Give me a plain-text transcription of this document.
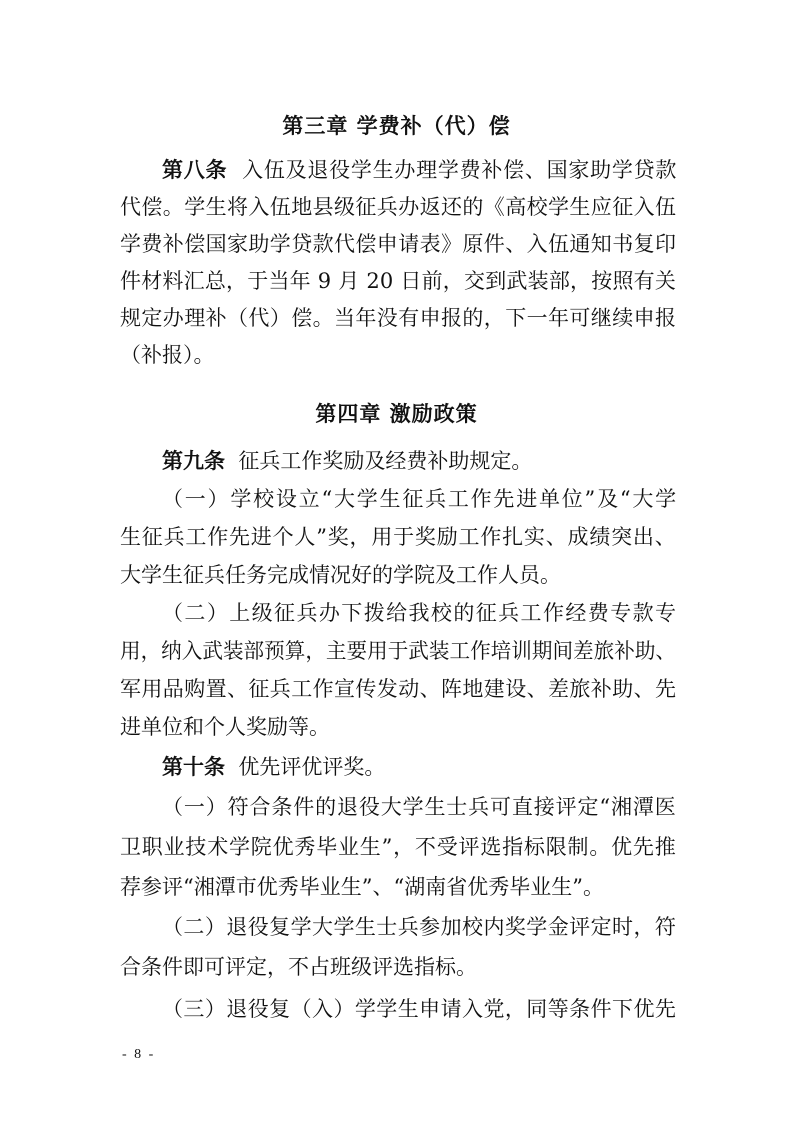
第三章 学费补（代）偿
第八条 入伍及退役学生办理学费补偿、国家助学贷款
代偿。学生将入伍地县级征兵办返还的《高校学生应征入伍
学费补偿国家助学贷款代偿申请表》原件、入伍通知书复印
件材料汇总，于当年 9 月 20 日前，交到武装部，按照有关
规定办理补（代）偿。当年没有申报的，下一年可继续申报
（补报）。
第四章 激励政策
第九条 征兵工作奖励及经费补助规定。
（一）学校设立“大学生征兵工作先进单位”及“大学
生征兵工作先进个人”奖，用于奖励工作扎实、成绩突出、
大学生征兵任务完成情况好的学院及工作人员。
（二）上级征兵办下拨给我校的征兵工作经费专款专
用，纳入武装部预算，主要用于武装工作培训期间差旅补助、
军用品购置、征兵工作宣传发动、阵地建设、差旅补助、先
进单位和个人奖励等。
第十条 优先评优评奖。
（一）符合条件的退役大学生士兵可直接评定“湘潭医
卫职业技术学院优秀毕业生”，不受评选指标限制。优先推
荐参评“湘潭市优秀毕业生”、“湖南省优秀毕业生”。
（二）退役复学大学生士兵参加校内奖学金评定时，符
合条件即可评定，不占班级评选指标。
（三）退役复（入）学学生申请入党，同等条件下优先
- 8 -
